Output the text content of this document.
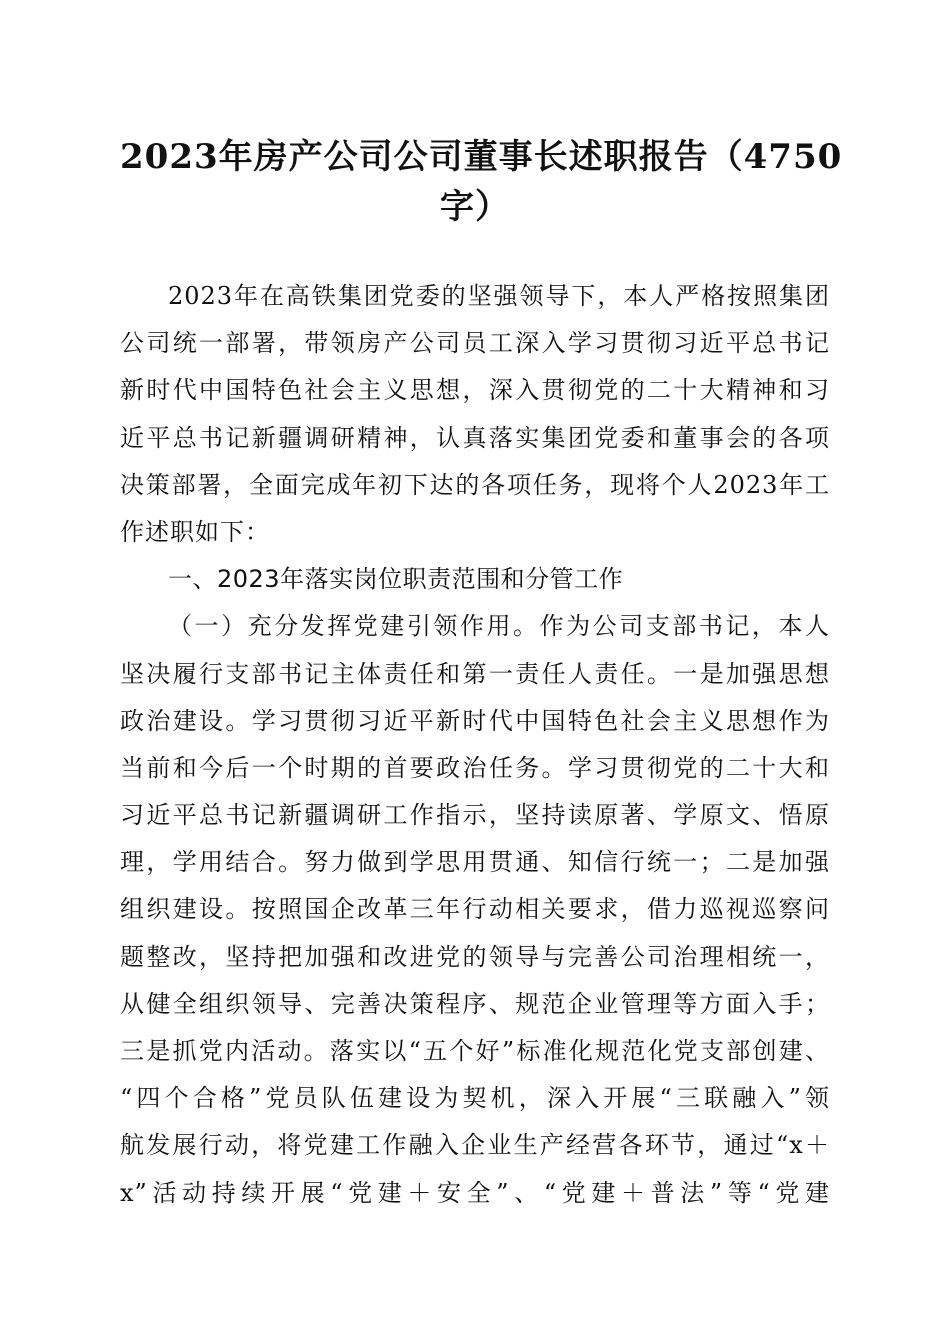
2023年房产公司公司董事长述职报告（4750
字）
2023年在高铁集团党委的坚强领导下，本人严格按照集团
公司统一部署，带领房产公司员工深入学习贯彻习近平总书记
新时代中国特色社会主义思想，深入贯彻党的二十大精神和习
近平总书记新疆调研精神，认真落实集团党委和董事会的各项
决策部署，全面完成年初下达的各项任务，现将个人2023年工
作述职如下：
一、2023年落实岗位职责范围和分管工作
（一）充分发挥党建引领作用。作为公司支部书记，本人
坚决履行支部书记主体责任和第一责任人责任。一是加强思想
政治建设。学习贯彻习近平新时代中国特色社会主义思想作为
当前和今后一个时期的首要政治任务。学习贯彻党的二十大和
习近平总书记新疆调研工作指示，坚持读原著、学原文、悟原
理，学用结合。努力做到学思用贯通、知信行统一；二是加强
组织建设。按照国企改革三年行动相关要求，借力巡视巡察问
题整改，坚持把加强和改进党的领导与完善公司治理相统一，
从健全组织领导、完善决策程序、规范企业管理等方面入手；
三是抓党内活动。落实以“五个好”标准化规范化党支部创建、
“四个合格”党员队伍建设为契机，深入开展“三联融入”领
航发展行动，将党建工作融入企业生产经营各环节，通过“x＋
x”活动持续开展“党建＋安全”、“党建＋普法”等“党建
